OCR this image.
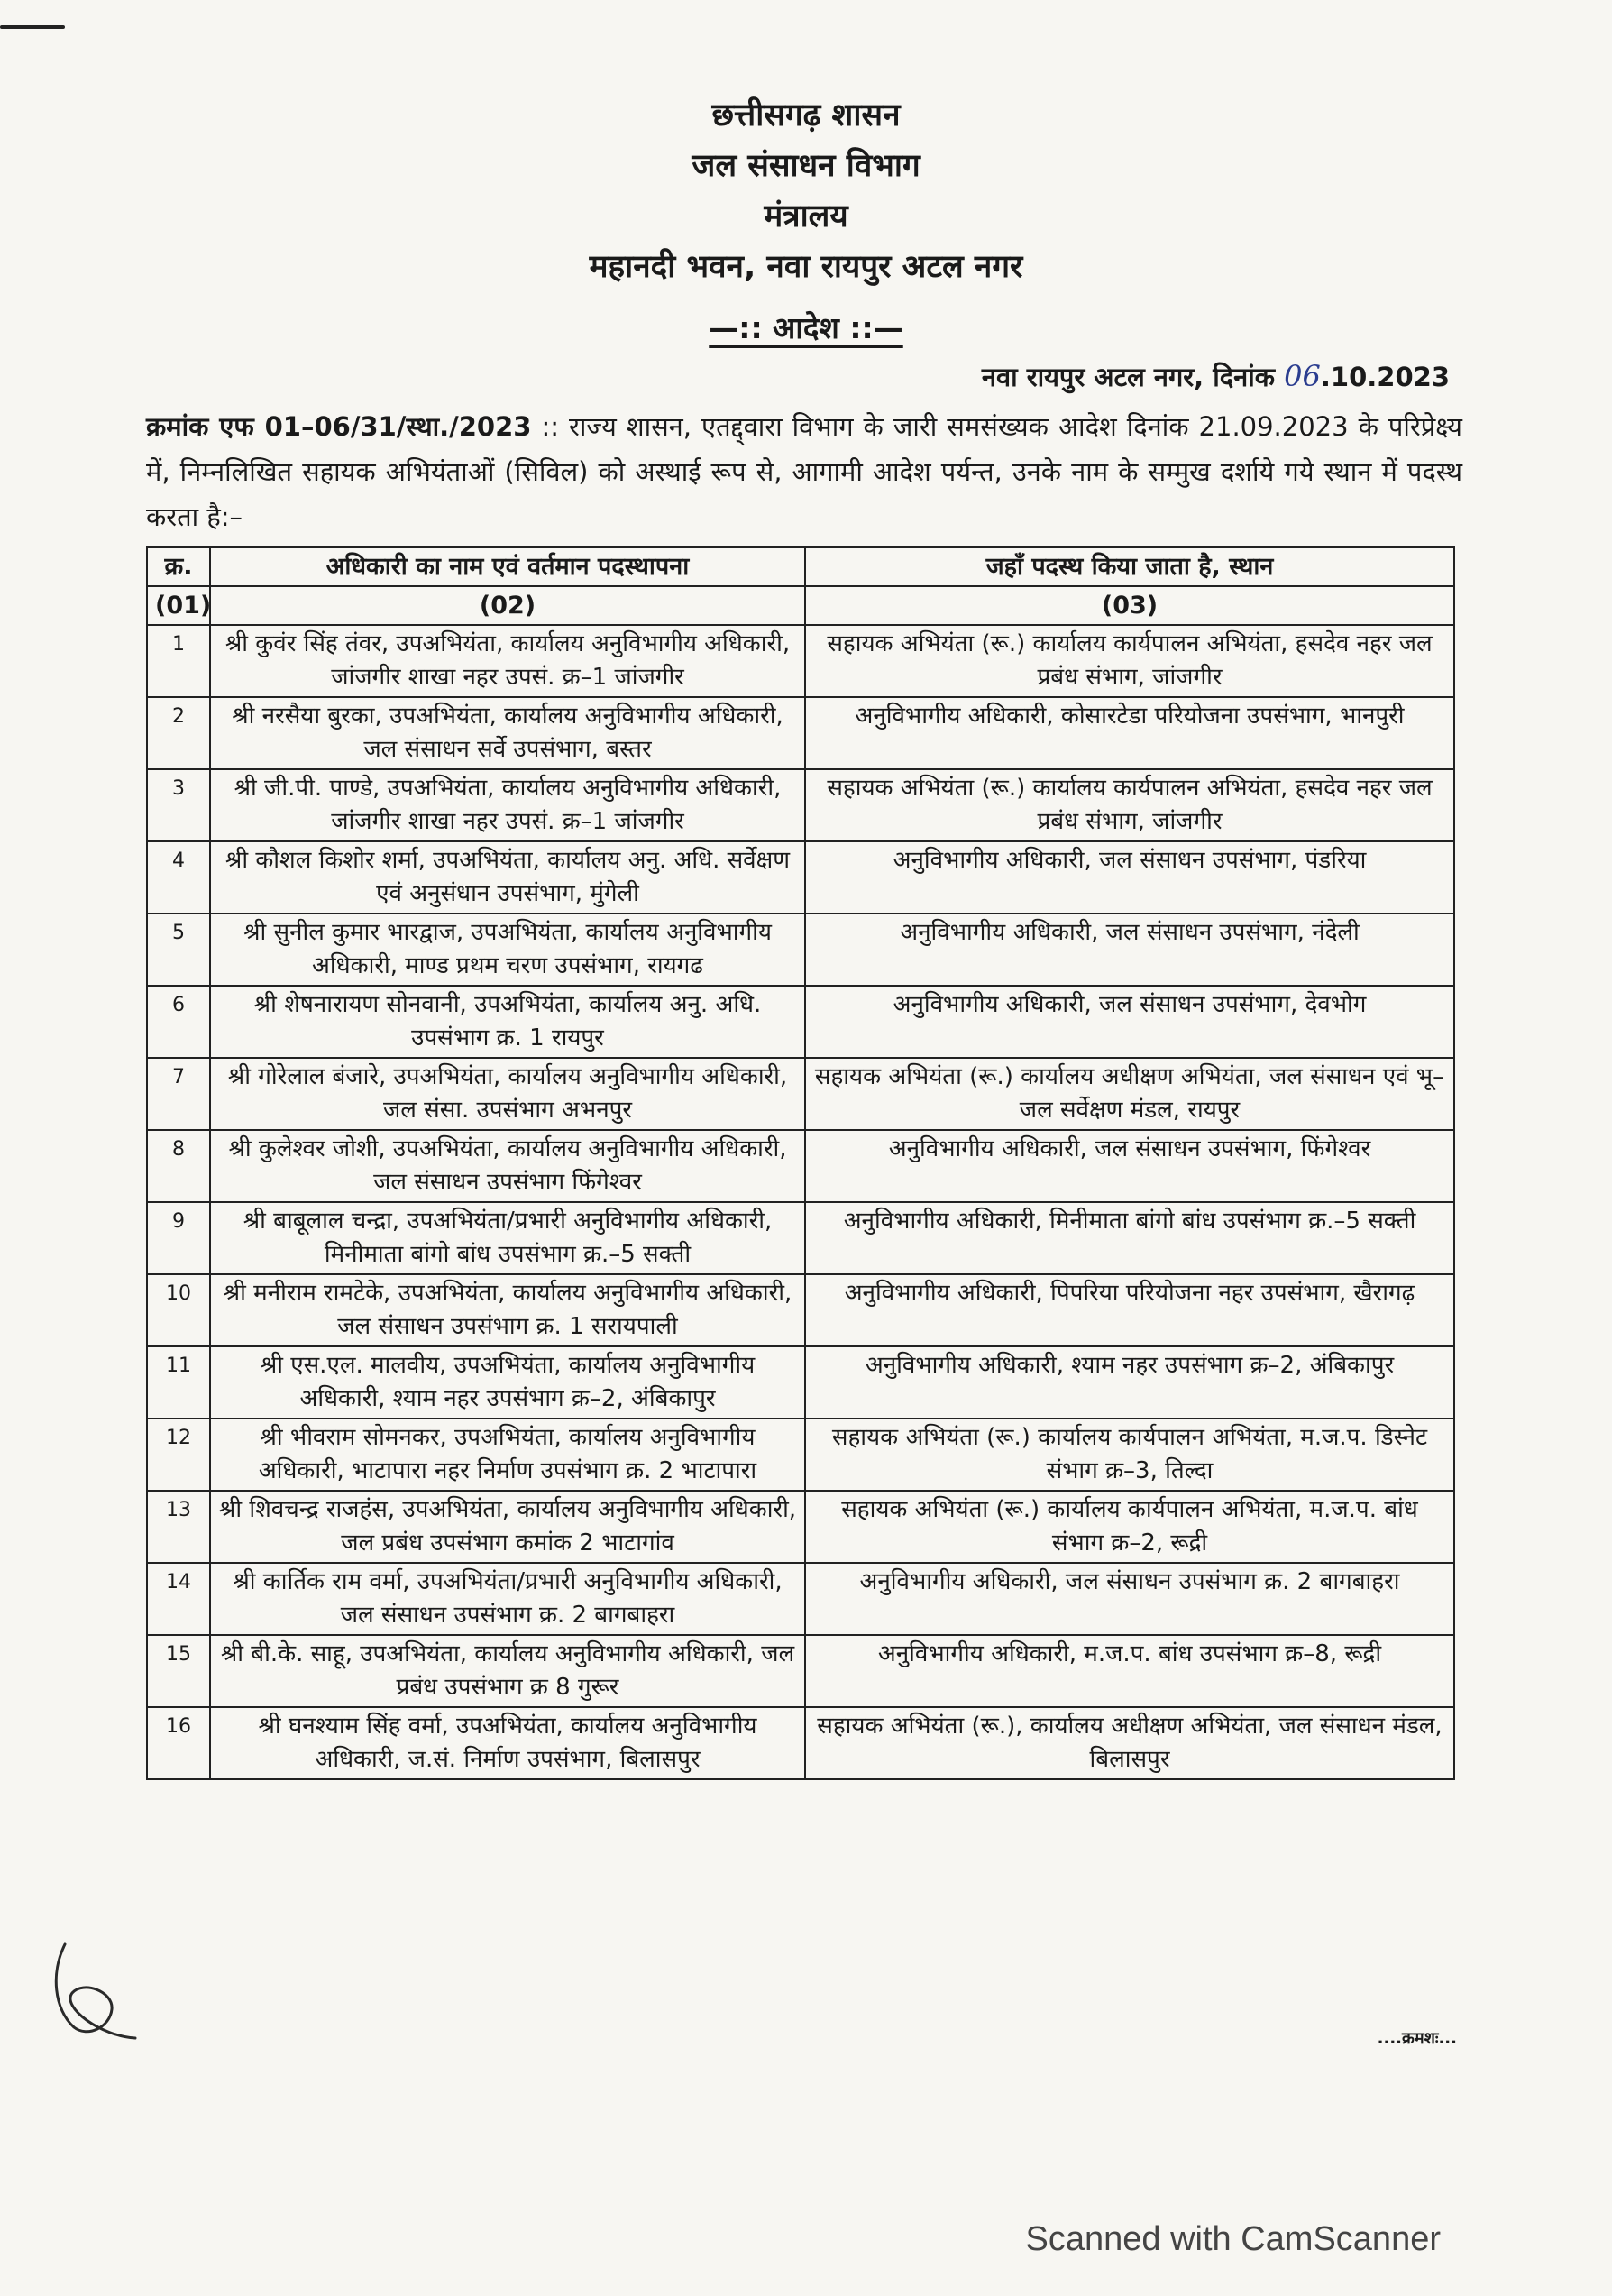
छत्तीसगढ़ शासन
जल संसाधन विभाग
मंत्रालय
महानदी भवन, नवा रायपुर अटल नगर
—:: आदेश ::—
नवा रायपुर अटल नगर, दिनांक 06.10.2023
क्रमांक एफ 01–06/31/स्था./2023 :: राज्य शासन, एतद्द्वारा विभाग के जारी समसंख्यक आदेश दिनांक 21.09.2023 के परिप्रेक्ष्य में, निम्नलिखित सहायक अभियंताओं (सिविल) को अस्थाई रूप से, आगामी आदेश पर्यन्त, उनके नाम के सम्मुख दर्शाये गये स्थान में पदस्थ करता है:–
क्र.	अधिकारी का नाम एवं वर्तमान पदस्थापना	जहाँ पदस्थ किया जाता है, स्थान
(01)	(02)	(03)
1	श्री कुवंर सिंह तंवर, उपअभियंता, कार्यालय अनुविभागीय अधिकारी, जांजगीर शाखा नहर उपसं. क्र–1 जांजगीर	सहायक अभियंता (रू.) कार्यालय कार्यपालन अभियंता, हसदेव नहर जल प्रबंध संभाग, जांजगीर
2	श्री नरसैया बुरका, उपअभियंता, कार्यालय अनुविभागीय अधिकारी, जल संसाधन सर्वे उपसंभाग, बस्तर	अनुविभागीय अधिकारी, कोसारटेडा परियोजना उपसंभाग, भानपुरी
3	श्री जी.पी. पाण्डे, उपअभियंता, कार्यालय अनुविभागीय अधिकारी, जांजगीर शाखा नहर उपसं. क्र–1 जांजगीर	सहायक अभियंता (रू.) कार्यालय कार्यपालन अभियंता, हसदेव नहर जल प्रबंध संभाग, जांजगीर
4	श्री कौशल किशोर शर्मा, उपअभियंता, कार्यालय अनु. अधि. सर्वेक्षण एवं अनुसंधान उपसंभाग, मुंगेली	अनुविभागीय अधिकारी, जल संसाधन उपसंभाग, पंडरिया
5	श्री सुनील कुमार भारद्वाज, उपअभियंता, कार्यालय अनुविभागीय अधिकारी, माण्ड प्रथम चरण उपसंभाग, रायगढ	अनुविभागीय अधिकारी, जल संसाधन उपसंभाग, नंदेली
6	श्री शेषनारायण सोनवानी, उपअभियंता, कार्यालय अनु. अधि. उपसंभाग क्र. 1 रायपुर	अनुविभागीय अधिकारी, जल संसाधन उपसंभाग, देवभोग
7	श्री गोरेलाल बंजारे, उपअभियंता, कार्यालय अनुविभागीय अधिकारी, जल संसा. उपसंभाग अभनपुर	सहायक अभियंता (रू.) कार्यालय अधीक्षण अभियंता, जल संसाधन एवं भू–जल सर्वेक्षण मंडल, रायपुर
8	श्री कुलेश्वर जोशी, उपअभियंता, कार्यालय अनुविभागीय अधिकारी, जल संसाधन उपसंभाग फिंगेश्वर	अनुविभागीय अधिकारी, जल संसाधन उपसंभाग, फिंगेश्वर
9	श्री बाबूलाल चन्द्रा, उपअभियंता/प्रभारी अनुविभागीय अधिकारी, मिनीमाता बांगो बांध उपसंभाग क्र.–5 सक्ती	अनुविभागीय अधिकारी, मिनीमाता बांगो बांध उपसंभाग क्र.–5 सक्ती
10	श्री मनीराम रामटेके, उपअभियंता, कार्यालय अनुविभागीय अधिकारी, जल संसाधन उपसंभाग क्र. 1 सरायपाली	अनुविभागीय अधिकारी, पिपरिया परियोजना नहर उपसंभाग, खैरागढ़
11	श्री एस.एल. मालवीय, उपअभियंता, कार्यालय अनुविभागीय अधिकारी, श्याम नहर उपसंभाग क्र–2, अंबिकापुर	अनुविभागीय अधिकारी, श्याम नहर उपसंभाग क्र–2, अंबिकापुर
12	श्री भीवराम सोमनकर, उपअभियंता, कार्यालय अनुविभागीय अधिकारी, भाटापारा नहर निर्माण उपसंभाग क्र. 2 भाटापारा	सहायक अभियंता (रू.) कार्यालय कार्यपालन अभियंता, म.ज.प. डिस्नेट संभाग क्र–3, तिल्दा
13	श्री शिवचन्द्र राजहंस, उपअभियंता, कार्यालय अनुविभागीय अधिकारी, जल प्रबंध उपसंभाग कमांक 2 भाटागांव	सहायक अभियंता (रू.) कार्यालय कार्यपालन अभियंता, म.ज.प. बांध संभाग क्र–2, रूद्री
14	श्री कार्तिक राम वर्मा, उपअभियंता/प्रभारी अनुविभागीय अधिकारी, जल संसाधन उपसंभाग क्र. 2 बागबाहरा	अनुविभागीय अधिकारी, जल संसाधन उपसंभाग क्र. 2 बागबाहरा
15	श्री बी.के. साहू, उपअभियंता, कार्यालय अनुविभागीय अधिकारी, जल प्रबंध उपसंभाग क्र 8 गुरूर	अनुविभागीय अधिकारी, म.ज.प. बांध उपसंभाग क्र–8, रूद्री
16	श्री घनश्याम सिंह वर्मा, उपअभियंता, कार्यालय अनुविभागीय अधिकारी, ज.सं. निर्माण उपसंभाग, बिलासपुर	सहायक अभियंता (रू.), कार्यालय अधीक्षण अभियंता, जल संसाधन मंडल, बिलासपुर
....क्रमशः...
Scanned with CamScanner
